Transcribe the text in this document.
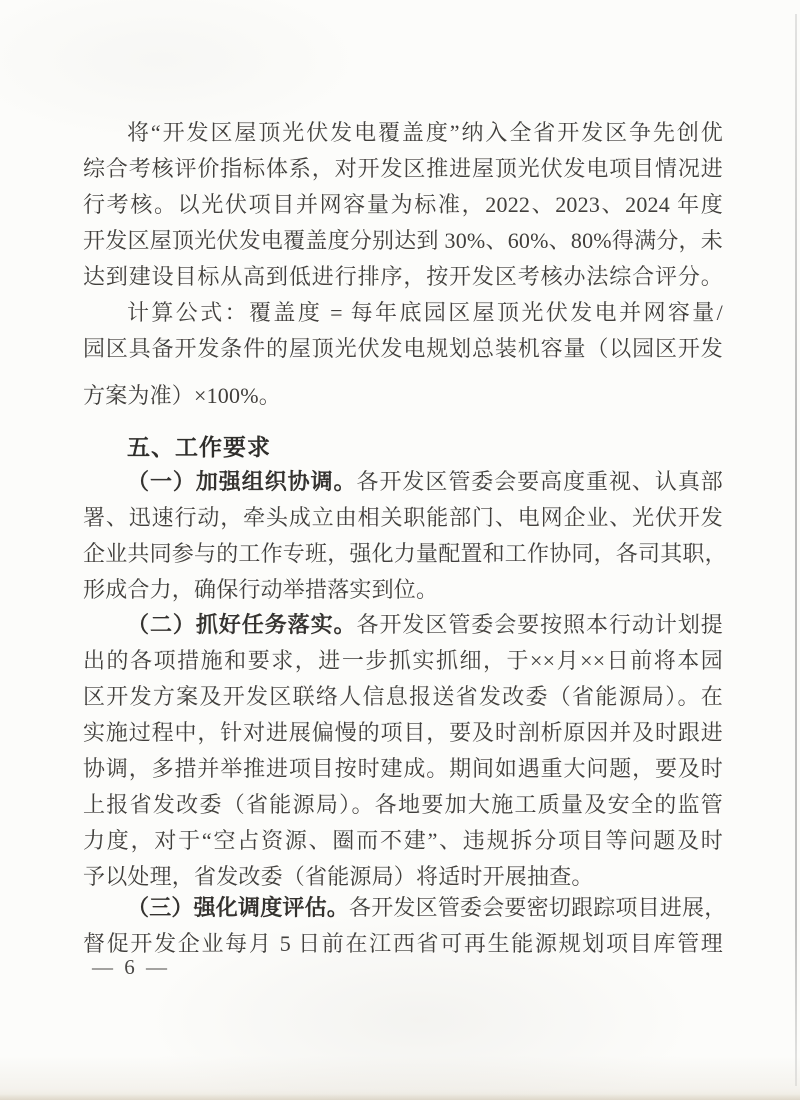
将“开发区屋顶光伏发电覆盖度”纳入全省开发区争先创优
综合考核评价指标体系，对开发区推进屋顶光伏发电项目情况进
行考核。以光伏项目并网容量为标准，2022、2023、2024 年度
开发区屋顶光伏发电覆盖度分别达到 30%、60%、80%得满分，未
达到建设目标从高到低进行排序，按开发区考核办法综合评分。
计算公式：覆盖度 = 每年底园区屋顶光伏发电并网容量/
园区具备开发条件的屋顶光伏发电规划总装机容量（以园区开发
方案为准）×100%。
五、工作要求
（一）加强组织协调。各开发区管委会要高度重视、认真部
署、迅速行动，牵头成立由相关职能部门、电网企业、光伏开发
企业共同参与的工作专班，强化力量配置和工作协同，各司其职，
形成合力，确保行动举措落实到位。
（二）抓好任务落实。各开发区管委会要按照本行动计划提
出的各项措施和要求，进一步抓实抓细，于××月××日前将本园
区开发方案及开发区联络人信息报送省发改委（省能源局）。在
实施过程中，针对进展偏慢的项目，要及时剖析原因并及时跟进
协调，多措并举推进项目按时建成。期间如遇重大问题，要及时
上报省发改委（省能源局）。各地要加大施工质量及安全的监管
力度，对于“空占资源、圈而不建”、违规拆分项目等问题及时
予以处理，省发改委（省能源局）将适时开展抽查。
（三）强化调度评估。各开发区管委会要密切跟踪项目进展，
督促开发企业每月 5 日前在江西省可再生能源规划项目库管理
— 6 —
